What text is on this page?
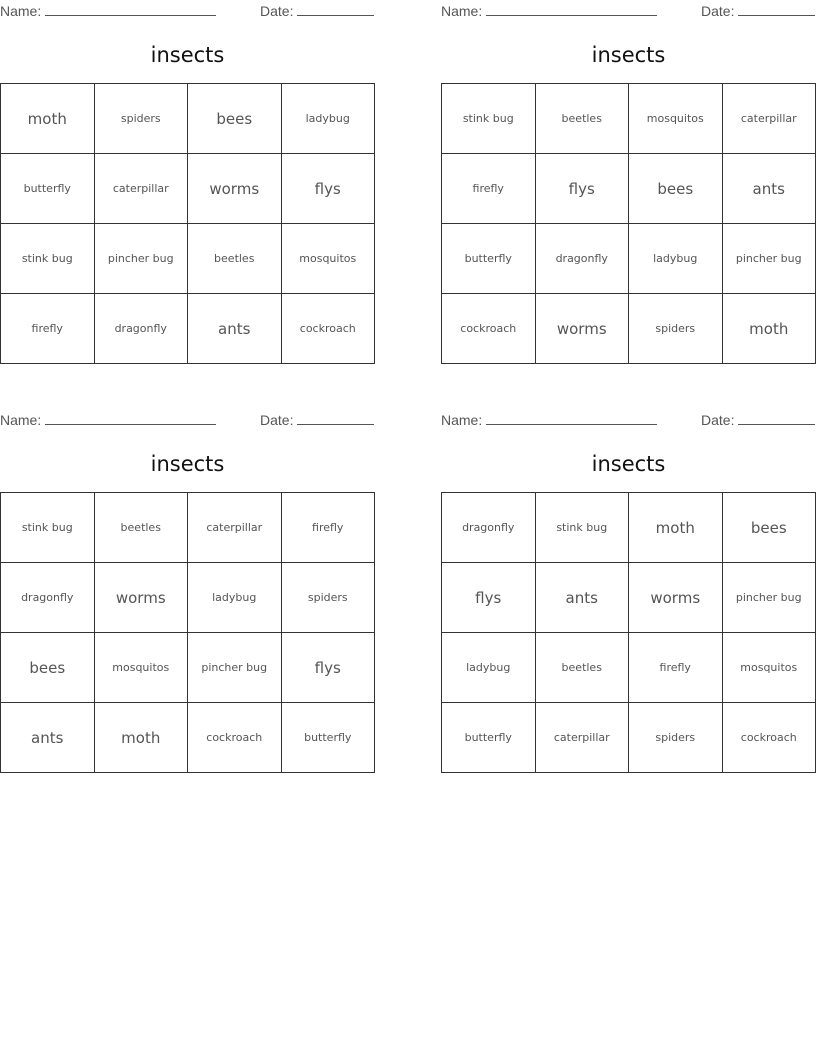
Name:	Date:
insects
moth	spiders	bees	ladybug
butterfly	caterpillar	worms	flys
stink bug	pincher bug	beetles	mosquitos
firefly	dragonfly	ants	cockroach
Name:	Date:
insects
stink bug	beetles	mosquitos	caterpillar
firefly	flys	bees	ants
butterfly	dragonfly	ladybug	pincher bug
cockroach	worms	spiders	moth
Name:	Date:
insects
stink bug	beetles	caterpillar	firefly
dragonfly	worms	ladybug	spiders
bees	mosquitos	pincher bug	flys
ants	moth	cockroach	butterfly
Name:	Date:
insects
dragonfly	stink bug	moth	bees
flys	ants	worms	pincher bug
ladybug	beetles	firefly	mosquitos
butterfly	caterpillar	spiders	cockroach
